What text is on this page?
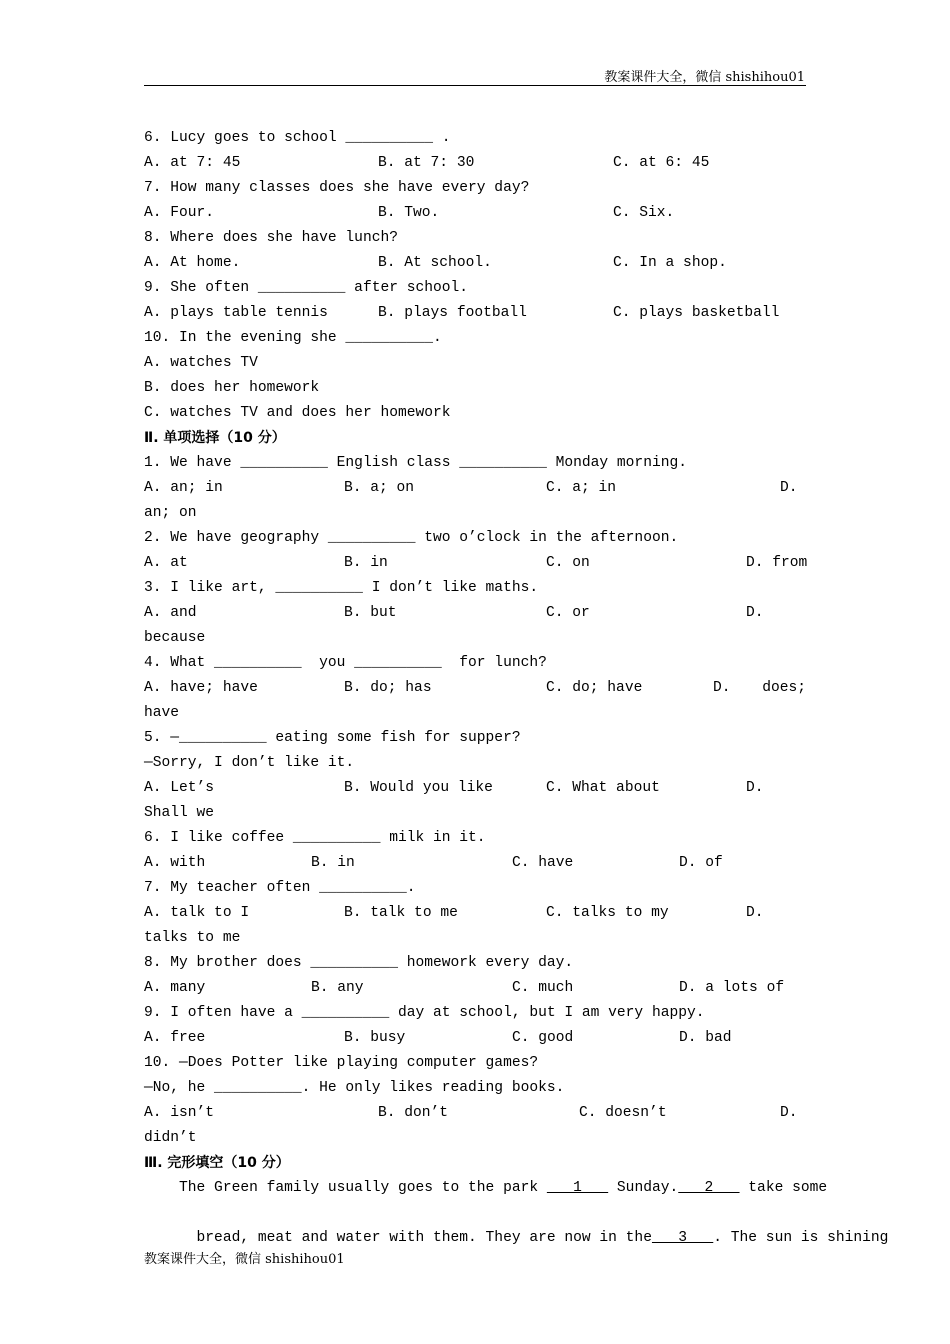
教案课件大全，微信 shishihou01
6. Lucy goes to school __________ .

A. at 7: 45

	B. at 7: 30

	C. at 6: 45

7. How many classes does she have every day?

A. Four.

	B. Two.

	C. Six.

8. Where does she have lunch?

A. At home.

	B. At school.

	C. In a shop.

9. She often __________ after school.

A. plays table tennis

	B. plays football

	C. plays basketball

10. In the evening she __________.
A. watches TV
B. does her homework
C. watches TV and does her homework
Ⅱ. 单项选择（10 分）
1. We have __________ English class __________ Monday morning.

A. an; in

	B. a; on

	C. a; in

	D.

an; on
2. We have geography __________ two o’clock in the afternoon.

A. at

	B. in

	C. on

	D. from

3. I like art, __________ I don’t like maths.

A. and

	B. but

	C. or

	D.

because
4. What __________  you __________  for lunch?

A. have; have

	B. do; has

	C. do; have

	D.

does;

have
5. —__________ eating some fish for supper?
—Sorry, I don’t like it.

A. Let’s

	B. Would you like

	C. What about

	D.

Shall we
6. I like coffee __________ milk in it.

A. with

	B. in

	C. have

	D. of

7. My teacher often __________.

A. talk to I

	B. talk to me

	C. talks to my

	D.

talks to me
8. My brother does __________ homework every day.

A. many

	B. any

	C. much

	D. a lots of

9. I often have a __________ day at school, but I am very happy.

A. free

	B. busy

	C. good

	D. bad

10. —Does Potter like playing computer games?
—No, he __________. He only likes reading books.

A. isn’t

	B. don’t

	C. doesn’t

	D.

didn’t
Ⅲ. 完形填空（10 分）
The Green family usually goes to the park    1    Sunday.   2    take some

bread, meat and water with them. They are now in the   3   . The sun is shining

教案课件大全，微信 shishihou01
